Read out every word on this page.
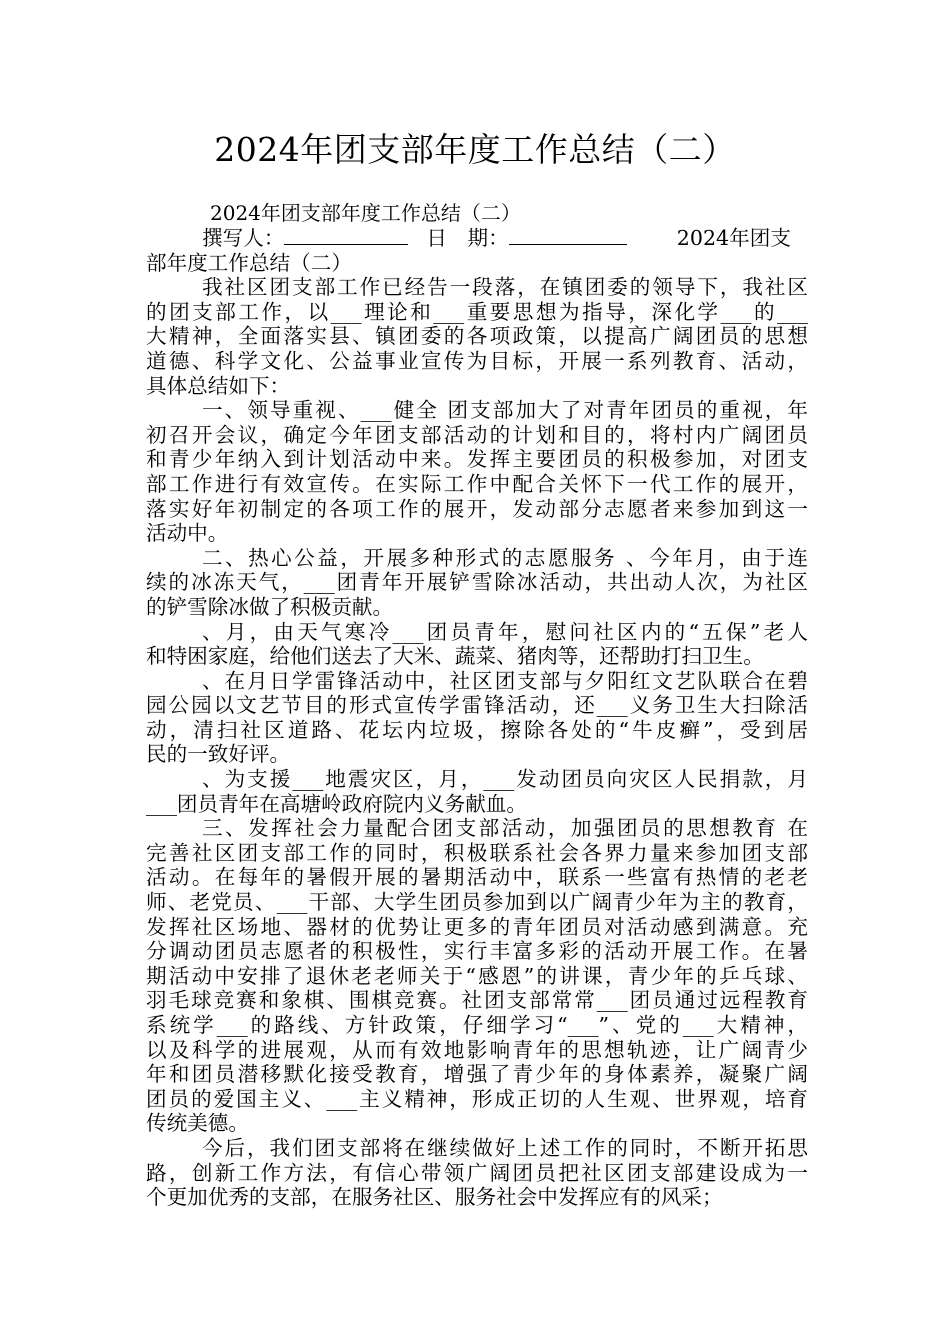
2024年团支部年度工作总结（二）
2024年团支部年度工作总结（二）
撰写人：	日　期：	2024年团支
部年度工作总结（二）
我社区团支部工作已经告一段落，在镇团委的领导下，我社区
的团支部工作，以___理论和___重要思想为指导，深化学___的___
大精神，全面落实县、镇团委的各项政策，以提高广阔团员的思想
道德、科学文化、公益事业宣传为目标，开展一系列教育、活动，
具体总结如下：
一、领导重视、___健全 团支部加大了对青年团员的重视，年
初召开会议，确定今年团支部活动的计划和目的，将村内广阔团员
和青少年纳入到计划活动中来。发挥主要团员的积极参加，对团支
部工作进行有效宣传。在实际工作中配合关怀下一代工作的展开，
落实好年初制定的各项工作的展开，发动部分志愿者来参加到这一
活动中。
二、热心公益，开展多种形式的志愿服务 、今年月，由于连
续的冰冻天气，___团青年开展铲雪除冰活动，共出动人次，为社区
的铲雪除冰做了积极贡献。
、月，由天气寒冷___团员青年，慰问社区内的“五保”老人
和特困家庭，给他们送去了大米、蔬菜、猪肉等，还帮助打扫卫生。
、在月日学雷锋活动中，社区团支部与夕阳红文艺队联合在碧
园公园以文艺节目的形式宣传学雷锋活动，还___义务卫生大扫除活
动，清扫社区道路、花坛内垃圾，擦除各处的“牛皮癣”，受到居
民的一致好评。
、为支援___地震灾区，月，___发动团员向灾区人民捐款，月
___团员青年在高塘岭政府院内义务献血。
三、发挥社会力量配合团支部活动，加强团员的思想教育 在
完善社区团支部工作的同时，积极联系社会各界力量来参加团支部
活动。在每年的暑假开展的暑期活动中，联系一些富有热情的老老
师、老党员、___干部、大学生团员参加到以广阔青少年为主的教育，
发挥社区场地、器材的优势让更多的青年团员对活动感到满意。充
分调动团员志愿者的积极性，实行丰富多彩的活动开展工作。在暑
期活动中安排了退休老老师关于“感恩”的讲课，青少年的乒乓球、
羽毛球竞赛和象棋、围棋竞赛。社团支部常常___团员通过远程教育
系统学___的路线、方针政策，仔细学习“___”、党的___大精神，
以及科学的进展观，从而有效地影响青年的思想轨迹，让广阔青少
年和团员潜移默化接受教育，增强了青少年的身体素养，凝聚广阔
团员的爱国主义、___主义精神，形成正切的人生观、世界观，培育
传统美德。
今后，我们团支部将在继续做好上述工作的同时，不断开拓思
路，创新工作方法，有信心带领广阔团员把社区团支部建设成为一
个更加优秀的支部，在服务社区、服务社会中发挥应有的风采；
